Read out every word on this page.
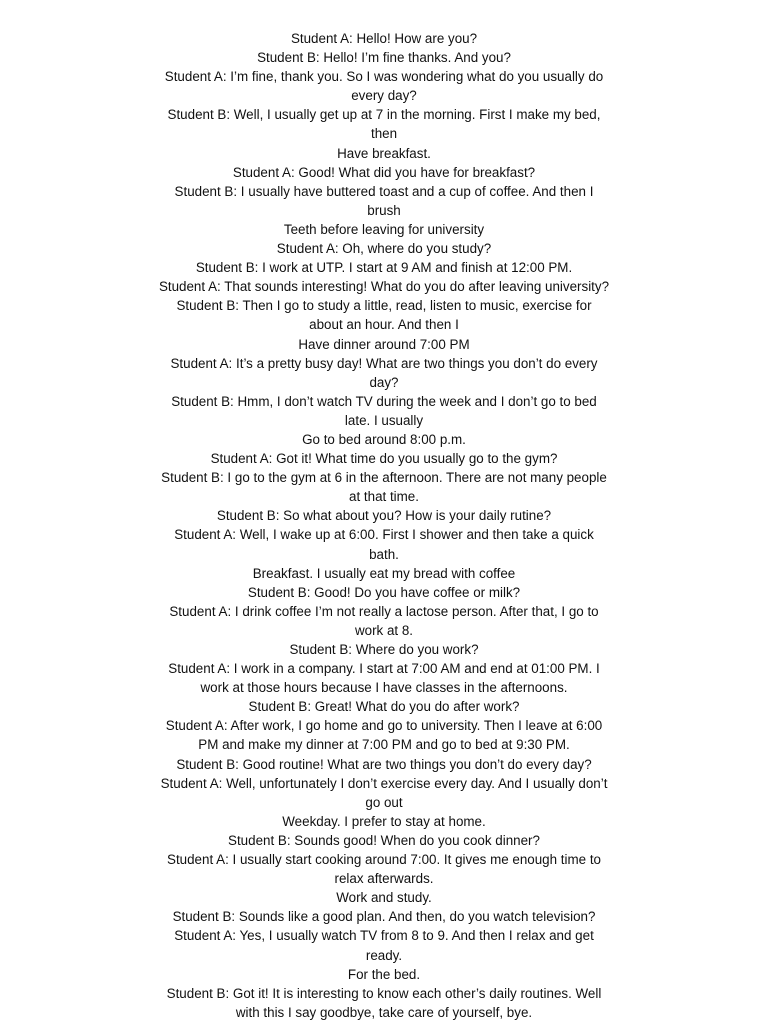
Student A: Hello! How are you?

Student B: Hello! I’m fine thanks. And you?

Student A: I’m fine, thank you. So I was wondering what do you usually do

every day?

Student B: Well, I usually get up at 7 in the morning. First I make my bed,

then

Have breakfast.

Student A: Good! What did you have for breakfast?

Student B: I usually have buttered toast and a cup of coffee. And then I

brush

Teeth before leaving for university

Student A: Oh, where do you study?

Student B: I work at UTP. I start at 9 AM and finish at 12:00 PM.

Student A: That sounds interesting! What do you do after leaving university?

Student B: Then I go to study a little, read, listen to music, exercise for

about an hour. And then I

Have dinner around 7:00 PM

Student A: It’s a pretty busy day! What are two things you don’t do every

day?

Student B: Hmm, I don’t watch TV during the week and I don’t go to bed

late. I usually

Go to bed around 8:00 p.m.

Student A: Got it! What time do you usually go to the gym?

Student B: I go to the gym at 6 in the afternoon. There are not many people

at that time.

Student B: So what about you? How is your daily rutine?

Student A: Well, I wake up at 6:00. First I shower and then take a quick

bath.

Breakfast. I usually eat my bread with coffee

Student B: Good! Do you have coffee or milk?

Student A: I drink coffee I’m not really a lactose person. After that, I go to

work at 8.

Student B: Where do you work?

Student A: I work in a company. I start at 7:00 AM and end at 01:00 PM. I

work at those hours because I have classes in the afternoons.

Student B: Great! What do you do after work?

Student A: After work, I go home and go to university. Then I leave at 6:00

PM and make my dinner at 7:00 PM and go to bed at 9:30 PM.

Student B: Good routine! What are two things you don’t do every day?

Student A: Well, unfortunately I don’t exercise every day. And I usually don’t

go out

Weekday. I prefer to stay at home.

Student B: Sounds good! When do you cook dinner?

Student A: I usually start cooking around 7:00. It gives me enough time to

relax afterwards.

Work and study.

Student B: Sounds like a good plan. And then, do you watch television?

Student A: Yes, I usually watch TV from 8 to 9. And then I relax and get

ready.

For the bed.

Student B: Got it! It is interesting to know each other’s daily routines. Well

with this I say goodbye, take care of yourself, bye.
